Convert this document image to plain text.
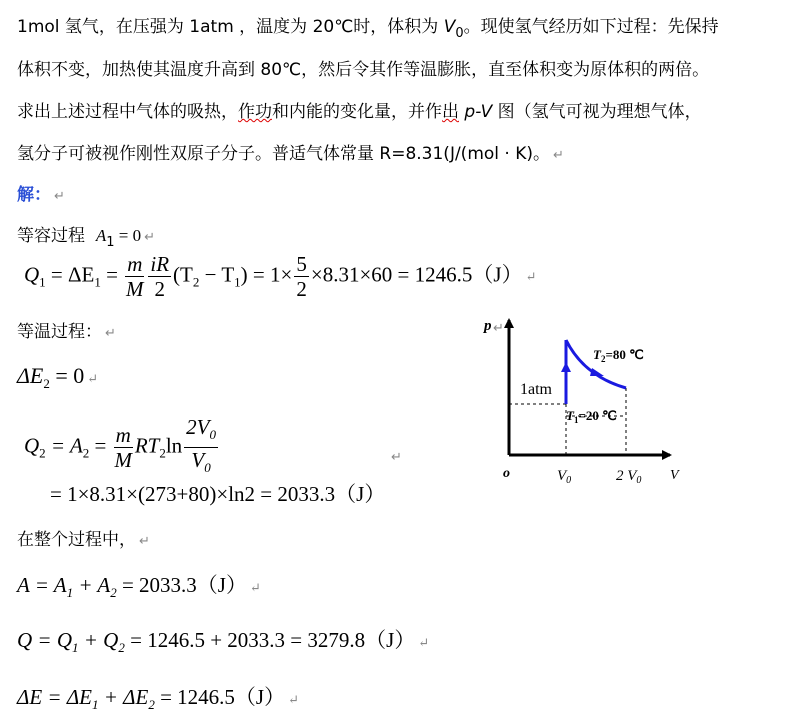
1mol 氢气，在压强为 1atm ，温度为 20℃时，体积为 $V_0$。现使氢气经历如下过程：先保持
体积不变，加热使其温度升高到 80℃，然后令其作等温膨胀，直至体积变为原体积的两倍。
求出上述过程中气体的吸热，作功和内能的变化量，并作出 p-V 图（氢气可视为理想气体，
氢分子可被视作刚性双原子分子。普适气体常量 R=8.31(J/(mol · K)。 ↵
解： ↵
等容过程 $A_1 = 0$ ↵
$Q_1 = \Delta E_1 = \frac{m}{M} \frac{iR}{2} (T_2 - T_1) = 1\times \frac{5}{2} \times 8.31\times 60 = 1246.5(J)$ ↵
等温过程： ↵
$\Delta E_2 = 0$ ↵
$Q_2 = A_2 = \frac{m}{M} RT_2\ln \frac{2V_0}{V_0}$	↵
= 1×8.31×(273+80)×ln2 = 2033.3（J）
在整个过程中， ↵
$A = A_1 + A_2 = 2033.3(J)$ ↵
$Q = Q_1 + Q_2 = 1246.5 + 2033.3 = 3279.8(J)$ ↵
$\Delta E = \Delta E_1 + \Delta E_2 = 1246.5(J)$ ↵
p ↵
o
1atm
$V_0$	2 $V_0$ V
$T_2=80$ ℃
$T_1=20$ ℃
